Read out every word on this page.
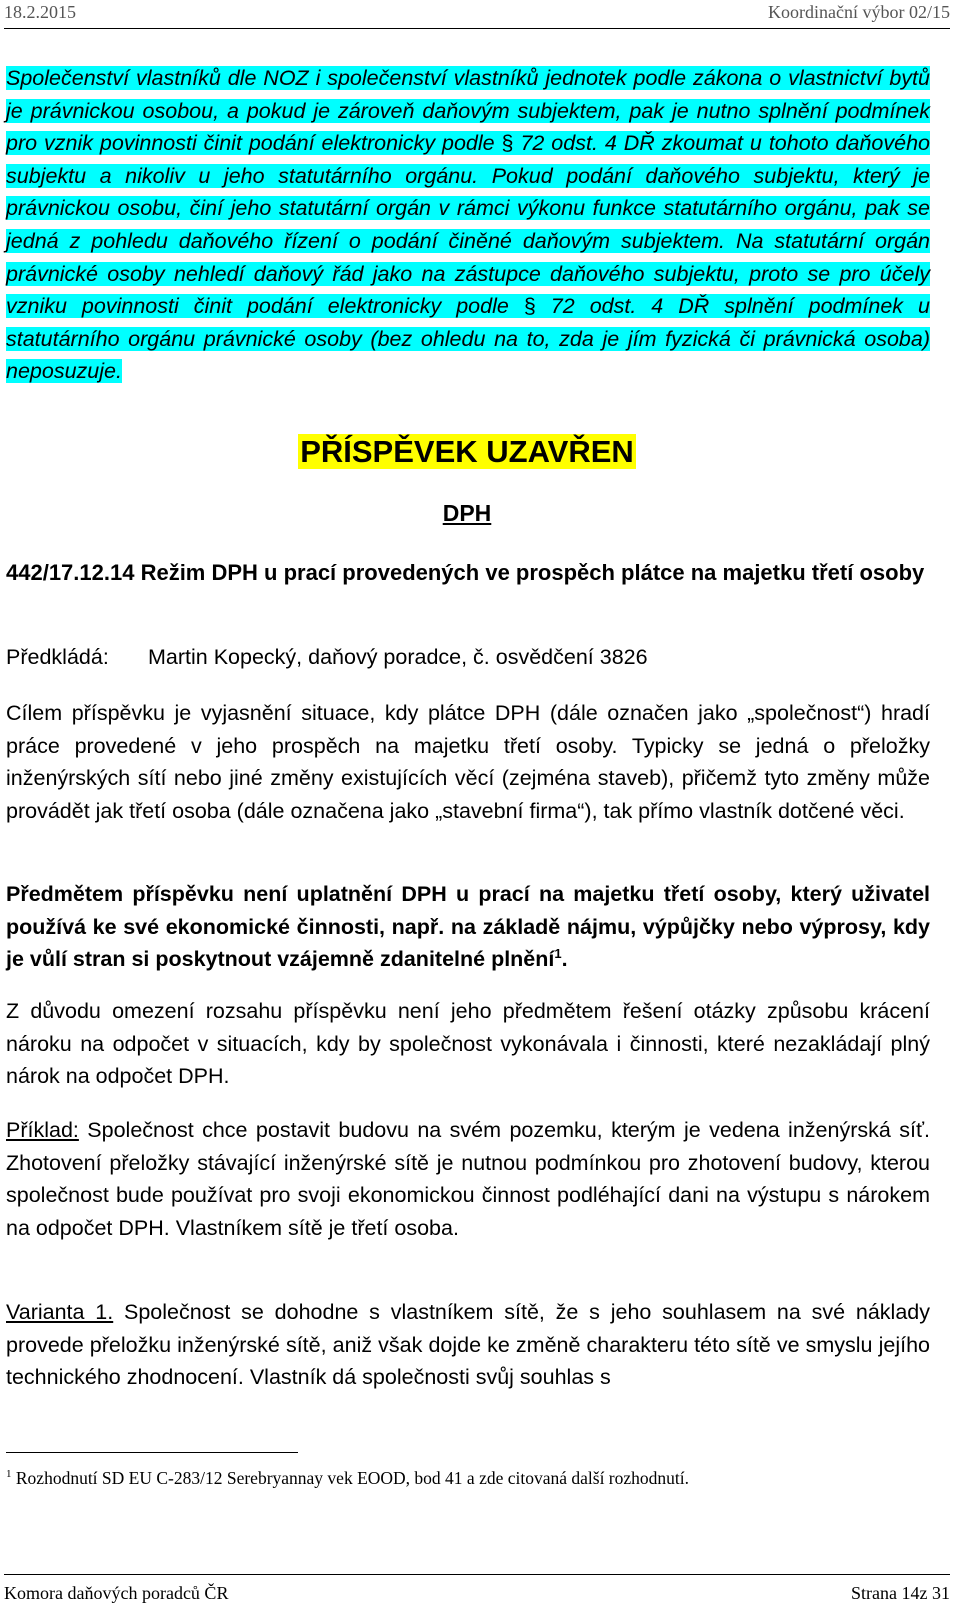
18.2.2015	Koordinační výbor 02/15
Společenství vlastníků dle NOZ i společenství vlastníků jednotek podle zákona o vlastnictví bytů je právnickou osobou, a pokud je zároveň daňovým subjektem, pak je nutno splnění podmínek pro vznik povinnosti činit podání elektronicky podle § 72 odst. 4 DŘ zkoumat u tohoto daňového subjektu a nikoliv u jeho statutárního orgánu. Pokud podání daňového subjektu, který je právnickou osobu, činí jeho statutární orgán v rámci výkonu funkce statutárního orgánu, pak se jedná z pohledu daňového řízení o podání činěné daňovým subjektem. Na statutární orgán právnické osoby nehledí daňový řád jako na zástupce daňového subjektu, proto se pro účely vzniku povinnosti činit podání elektronicky podle § 72 odst. 4 DŘ splnění podmínek u statutárního orgánu právnické osoby (bez ohledu na to, zda je jím fyzická či právnická osoba) neposuzuje.
PŘÍSPĚVEK UZAVŘEN
DPH
442/17.12.14 Režim DPH u prací provedených ve prospěch plátce na majetku třetí osoby
Předkládá: Martin Kopecký, daňový poradce, č. osvědčení 3826

Cílem příspěvku je vyjasnění situace, kdy plátce DPH (dále označen jako „společnost“) hradí práce provedené v jeho prospěch na majetku třetí osoby. Typicky se jedná o přeložky inženýrských sítí nebo jiné změny existujících věcí (zejména staveb), přičemž tyto změny může provádět jak třetí osoba (dále označena jako „stavební firma“), tak přímo vlastník dotčené věci.

Předmětem příspěvku není uplatnění DPH u prací na majetku třetí osoby, který uživatel používá ke své ekonomické činnosti, např. na základě nájmu, výpůjčky nebo výprosy, kdy je vůlí stran si poskytnout vzájemně zdanitelné plnění$^1$.

Z důvodu omezení rozsahu příspěvku není jeho předmětem řešení otázky způsobu krácení nároku na odpočet v situacích, kdy by společnost vykonávala i činnosti, které nezakládají plný nárok na odpočet DPH.

Příklad: Společnost chce postavit budovu na svém pozemku, kterým je vedena inženýrská síť. Zhotovení přeložky stávající inženýrské sítě je nutnou podmínkou pro zhotovení budovy, kterou společnost bude používat pro svoji ekonomickou činnost podléhající dani na výstupu s nárokem na odpočet DPH. Vlastníkem sítě je třetí osoba.

Varianta 1. Společnost se dohodne s vlastníkem sítě, že s jeho souhlasem na své náklady provede přeložku inženýrské sítě, aniž však dojde ke změně charakteru této sítě ve smyslu jejího technického zhodnocení. Vlastník dá společnosti svůj souhlas s

$^1$ Rozhodnutí SD EU C-283/12 Serebryannay vek EOOD, bod 41 a zde citovaná další rozhodnutí.
Komora daňových poradců ČR	Strana 14z 31
